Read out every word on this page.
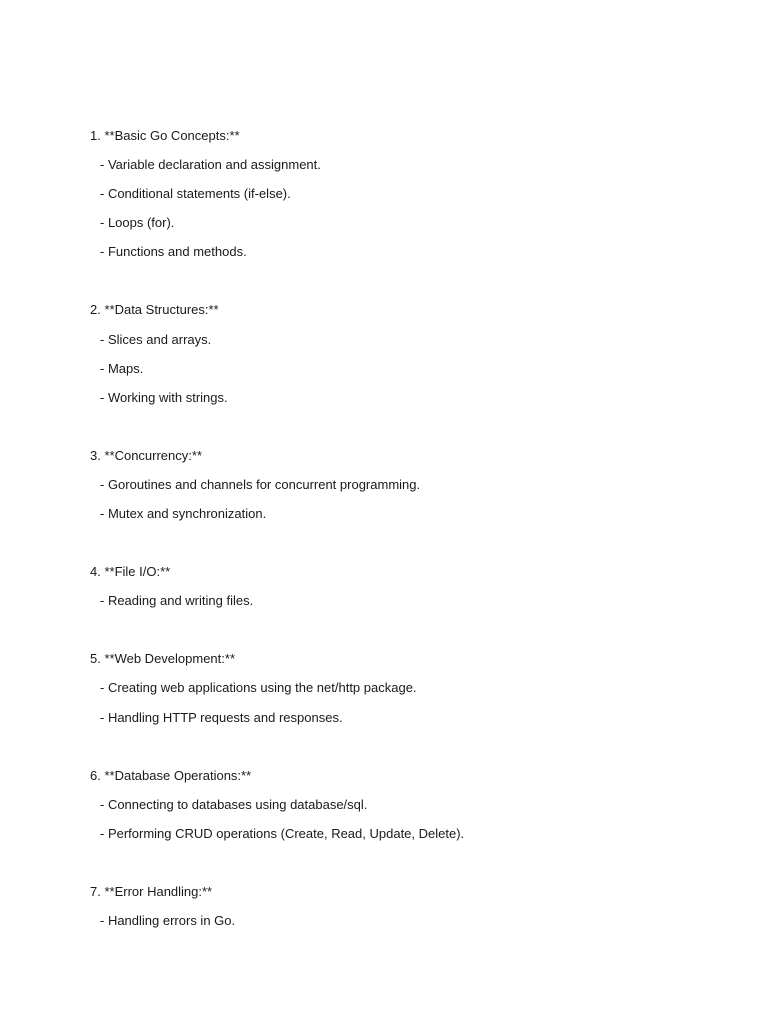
1. **Basic Go Concepts:**
- Variable declaration and assignment.
- Conditional statements (if-else).
- Loops (for).
- Functions and methods.
2. **Data Structures:**
- Slices and arrays.
- Maps.
- Working with strings.
3. **Concurrency:**
- Goroutines and channels for concurrent programming.
- Mutex and synchronization.
4. **File I/O:**
- Reading and writing files.
5. **Web Development:**
- Creating web applications using the net/http package.
- Handling HTTP requests and responses.
6. **Database Operations:**
- Connecting to databases using database/sql.
- Performing CRUD operations (Create, Read, Update, Delete).
7. **Error Handling:**
- Handling errors in Go.
